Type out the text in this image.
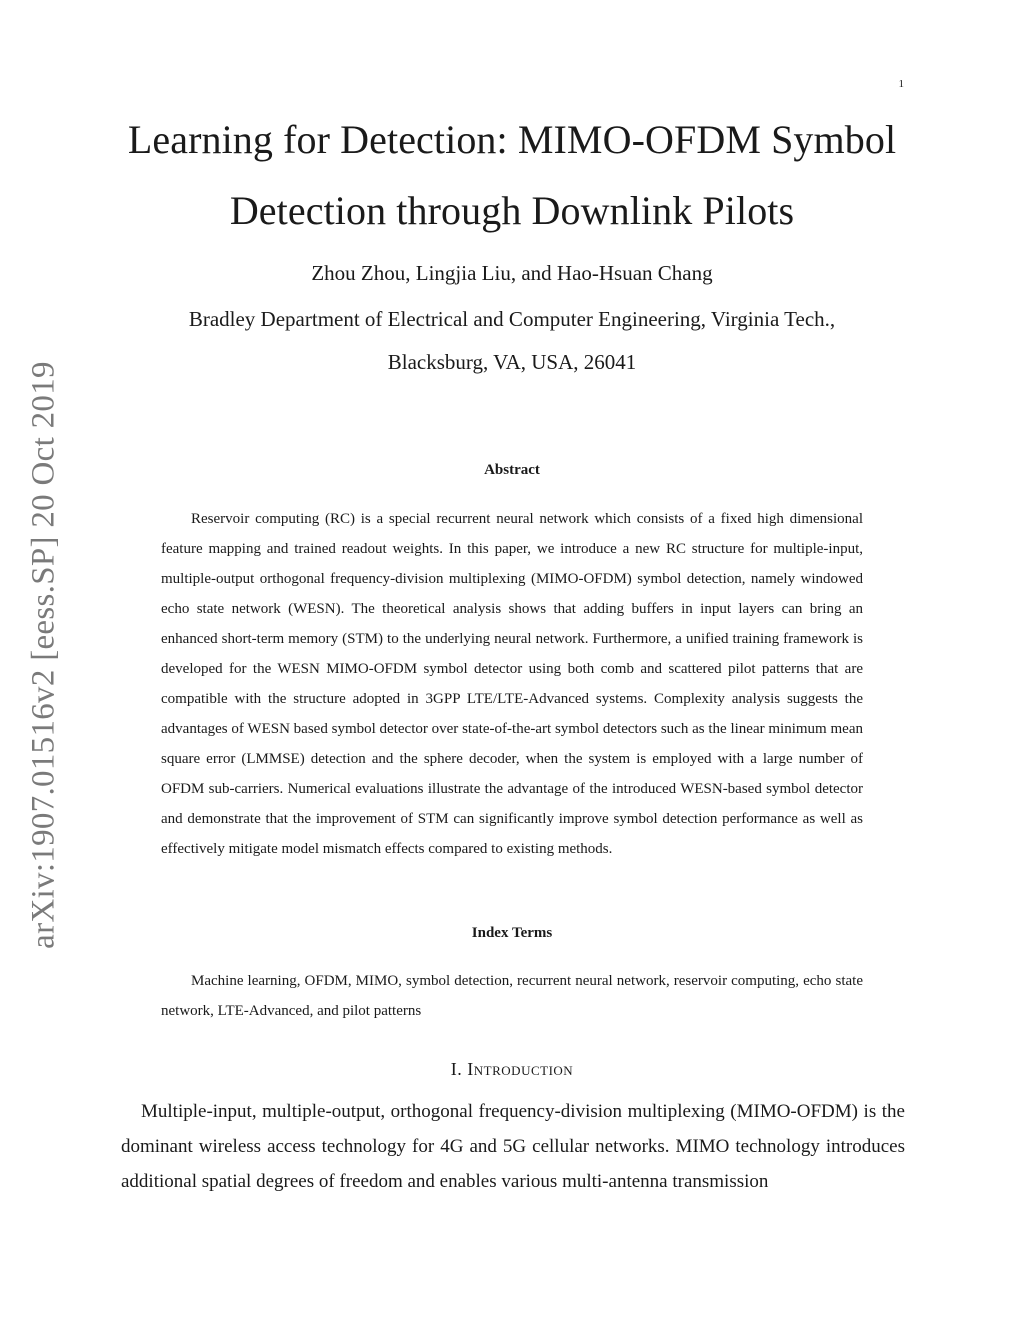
1
Learning for Detection: MIMO-OFDM Symbol Detection through Downlink Pilots
Zhou Zhou, Lingjia Liu, and Hao-Hsuan Chang
Bradley Department of Electrical and Computer Engineering, Virginia Tech.,
Blacksburg, VA, USA, 26041
arXiv:1907.01516v2 [eess.SP] 20 Oct 2019	Abstract

Reservoir computing (RC) is a special recurrent neural network which consists of a fixed high dimensional feature mapping and trained readout weights. In this paper, we introduce a new RC structure for multiple-input, multiple-output orthogonal frequency-division multiplexing (MIMO-OFDM) symbol detection, namely windowed echo state network (WESN). The theoretical analysis shows that adding buffers in input layers can bring an enhanced short-term memory (STM) to the underlying neural network. Furthermore, a unified training framework is developed for the WESN MIMO-OFDM symbol detector using both comb and scattered pilot patterns that are compatible with the structure adopted in 3GPP LTE/LTE-Advanced systems. Complexity analysis suggests the advantages of WESN based symbol detector over state-of-the-art symbol detectors such as the linear minimum mean square error (LMMSE) detection and the sphere decoder, when the system is employed with a large number of OFDM sub-carriers. Numerical evaluations illustrate the advantage of the introduced WESN-based symbol detector and demonstrate that the improvement of STM can significantly improve symbol detection performance as well as effectively mitigate model mismatch effects compared to existing methods.

Index Terms

Machine learning, OFDM, MIMO, symbol detection, recurrent neural network, reservoir computing, echo state network, LTE-Advanced, and pilot patterns

I. Introduction

Multiple-input, multiple-output, orthogonal frequency-division multiplexing (MIMO-OFDM) is the dominant wireless access technology for 4G and 5G cellular networks. MIMO technology introduces additional spatial degrees of freedom and enables various multi-antenna transmission
